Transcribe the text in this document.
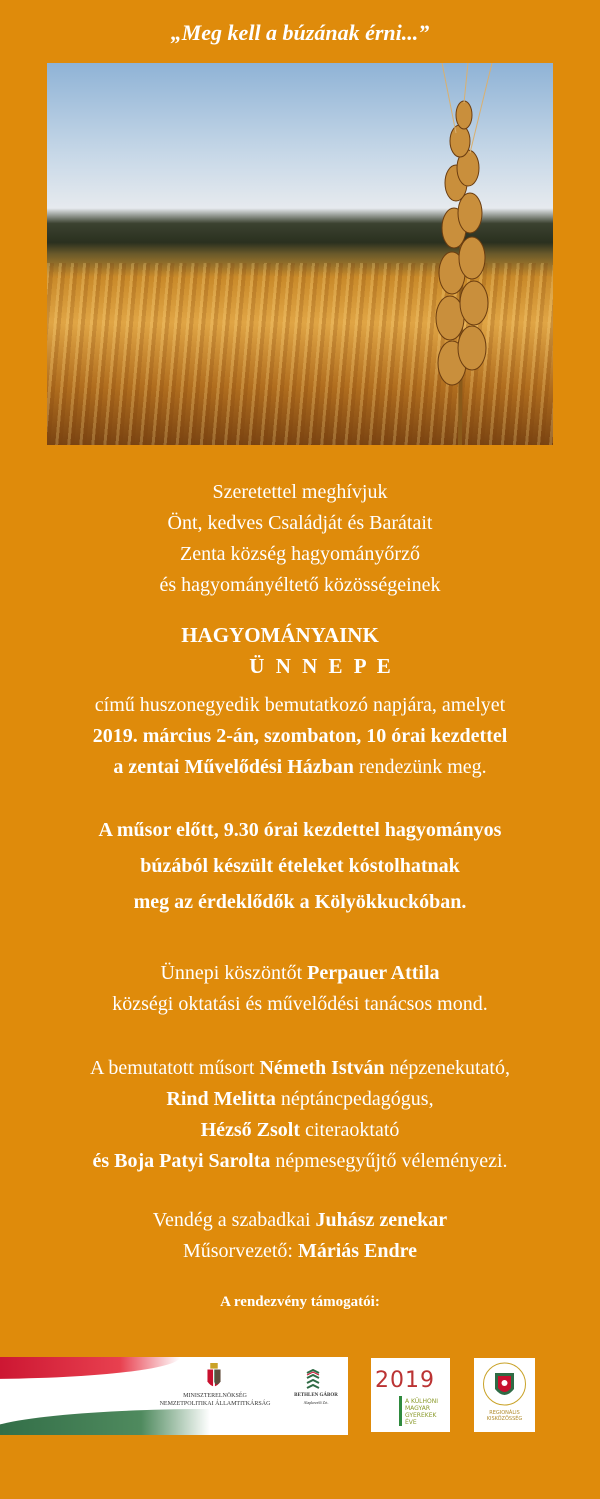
„Meg kell a búzának érni...”
Szeretettel meghívjuk
Önt, kedves Családját és Barátait
Zenta község hagyományőrző
és hagyományéltető közösségeinek
HAGYOMÁNYAINK
Ü N N E P E
című huszonegyedik bemutatkozó napjára, amelyet
2019. március 2-án, szombaton, 10 órai kezdettel
a zentai Művelődési Házban rendezünk meg.
A műsor előtt, 9.30 órai kezdettel hagyományos
búzából készült ételeket kóstolhatnak
meg az érdeklődők a Kölyökkuckóban.
Ünnepi köszöntőt Perpauer Attila
községi oktatási és művelődési tanácsos mond.
A bemutatott műsort Németh István népzenekutató,
Rind Melitta néptáncpedagógus,
Hézső Zsolt citeraoktató
és Boja Patyi Sarolta népmesegyűjtő véleményezi.
Vendég a szabadkai Juhász zenekar
Műsorvezető: Máriás Endre
A rendezvény támogatói:
MINISZTERELNÖKSÉG
NEMZETPOLITIKAI ÁLLAMTITKÁRSÁG
BETHLEN GÁBOR
Alapkezelő Zrt.
2019
A KÜLHONI MAGYAR GYEREKEK ÉVE
REGIONÁLIS KISKÖZÖSSÉG
